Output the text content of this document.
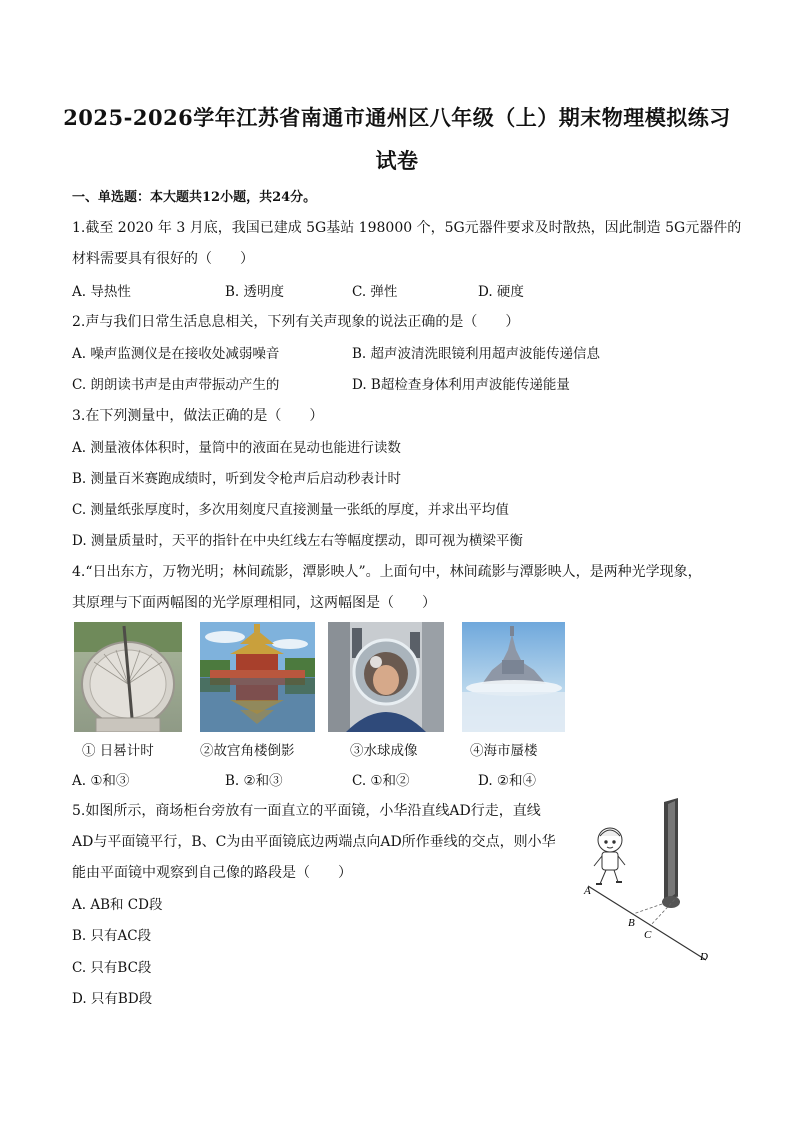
2025-2026学年江苏省南通市通州区八年级（上）期末物理模拟练习
试卷
一、单选题：本大题共12小题，共24分。
1.截至 2020 年 3 月底，我国已建成 5G基站 198000 个，5G元器件要求及时散热，因此制造 5G元器件的
材料需要具有很好的（　　）
A. 导热性	B. 透明度	C. 弹性	D. 硬度
2.声与我们日常生活息息相关，下列有关声现象的说法正确的是（　　）
A. 噪声监测仪是在接收处减弱噪音	B. 超声波清洗眼镜利用超声波能传递信息
C. 朗朗读书声是由声带振动产生的	D. B超检查身体利用声波能传递能量
3.在下列测量中，做法正确的是（　　）
A. 测量液体体积时，量筒中的液面在晃动也能进行读数
B. 测量百米赛跑成绩时，听到发令枪声后启动秒表计时
C. 测量纸张厚度时，多次用刻度尺直接测量一张纸的厚度，并求出平均值
D. 测量质量时，天平的指针在中央红线左右等幅度摆动，即可视为横梁平衡
4.“日出东方，万物光明；林间疏影，潭影映人”。上面句中，林间疏影与潭影映人，是两种光学现象，
其原理与下面两幅图的光学原理相同，这两幅图是（　　）
① 日晷计时	②故宫角楼倒影	③水球成像	④海市蜃楼
A. ①和③	B. ②和③	C. ①和②	D. ②和④
5.如图所示，商场柜台旁放有一面直立的平面镜，小华沿直线AD行走，直线
AD与平面镜平行，B、C为由平面镜底边两端点向AD所作垂线的交点，则小华
能由平面镜中观察到自己像的路段是（　　）
A. AB和 CD段
B. 只有AC段
C. 只有BC段
D. 只有BD段
A
B
C
D
